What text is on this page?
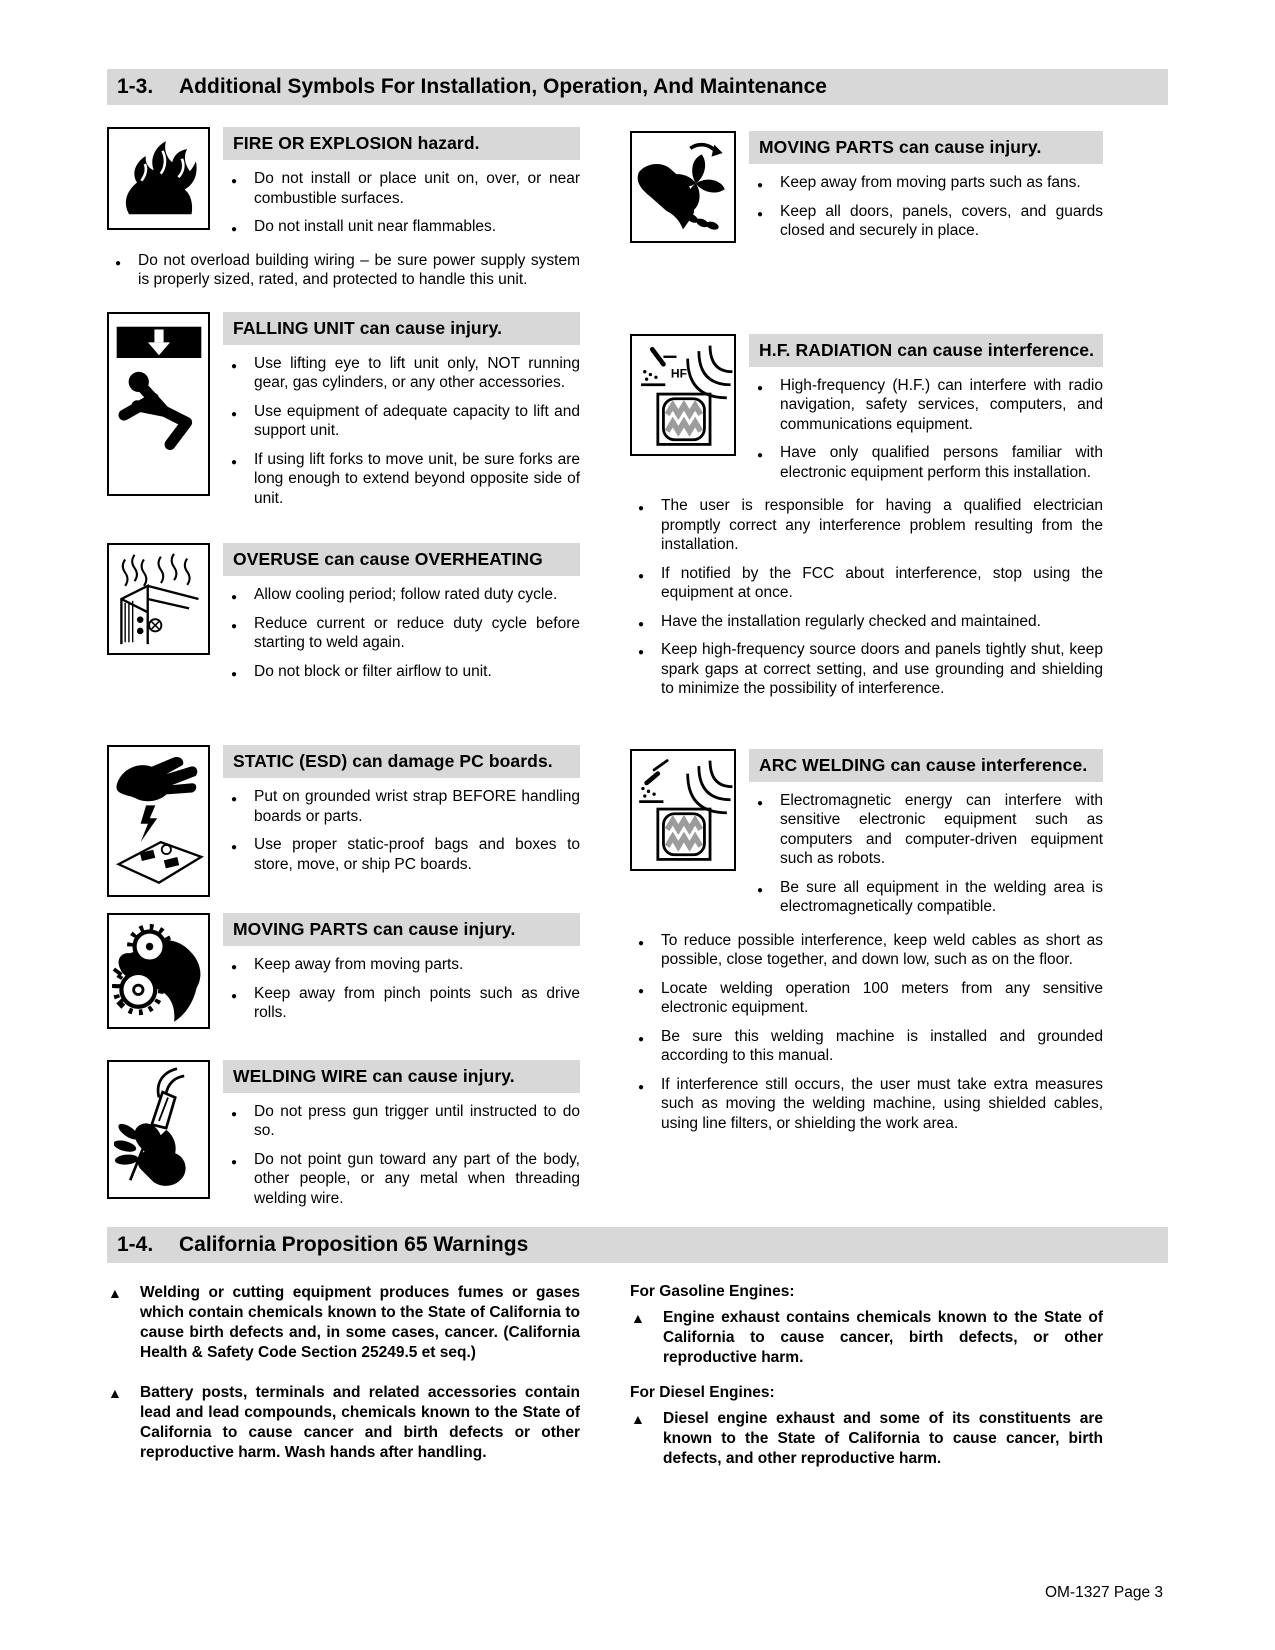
1-3. Additional Symbols For Installation, Operation, And Maintenance
FIRE OR EXPLOSION hazard.
● Do not install or place unit on, over, or near combustible surfaces.
● Do not install unit near flammables.
● Do not overload building wiring – be sure power supply system is properly sized, rated, and protected to handle this unit.
FALLING UNIT can cause injury.
● Use lifting eye to lift unit only, NOT running gear, gas cylinders, or any other accessories.
● Use equipment of adequate capacity to lift and support unit.
● If using lift forks to move unit, be sure forks are long enough to extend beyond opposite side of unit.
OVERUSE can cause OVERHEATING
● Allow cooling period; follow rated duty cycle.
● Reduce current or reduce duty cycle before starting to weld again.
● Do not block or filter airflow to unit.
STATIC (ESD) can damage PC boards.
● Put on grounded wrist strap BEFORE handling boards or parts.
● Use proper static-proof bags and boxes to store, move, or ship PC boards.
MOVING PARTS can cause injury.
● Keep away from moving parts.
● Keep away from pinch points such as drive rolls.
WELDING WIRE can cause injury.
● Do not press gun trigger until instructed to do so.
● Do not point gun toward any part of the body, other people, or any metal when threading welding wire.
MOVING PARTS can cause injury.
● Keep away from moving parts such as fans.
● Keep all doors, panels, covers, and guards closed and securely in place.
HF
H.F. RADIATION can cause interference.
● High-frequency (H.F.) can interfere with radio navigation, safety services, computers, and communications equipment.
● Have only qualified persons familiar with electronic equipment perform this installation.
● The user is responsible for having a qualified electrician promptly correct any interference problem resulting from the installation.
● If notified by the FCC about interference, stop using the equipment at once.
● Have the installation regularly checked and maintained.
● Keep high-frequency source doors and panels tightly shut, keep spark gaps at correct setting, and use grounding and shielding to minimize the possibility of interference.
ARC WELDING can cause interference.
● Electromagnetic energy can interfere with sensitive electronic equipment such as computers and computer-driven equipment such as robots.
● Be sure all equipment in the welding area is electromagnetically compatible.
● To reduce possible interference, keep weld cables as short as possible, close together, and down low, such as on the floor.
● Locate welding operation 100 meters from any sensitive electronic equipment.
● Be sure this welding machine is installed and grounded according to this manual.
● If interference still occurs, the user must take extra measures such as moving the welding machine, using shielded cables, using line filters, or shielding the work area.
1-4. California Proposition 65 Warnings
▲ Welding or cutting equipment produces fumes or gases which contain chemicals known to the State of California to cause birth defects and, in some cases, cancer. (California Health & Safety Code Section 25249.5 et seq.)
▲ Battery posts, terminals and related accessories contain lead and lead compounds, chemicals known to the State of California to cause cancer and birth defects or other reproductive harm. Wash hands after handling.

For Gasoline Engines:

▲ Engine exhaust contains chemicals known to the State of California to cause cancer, birth defects, or other reproductive harm.

For Diesel Engines:

▲ Diesel engine exhaust and some of its constituents are known to the State of California to cause cancer, birth defects, and other reproductive harm.
OM-1327 Page 3
